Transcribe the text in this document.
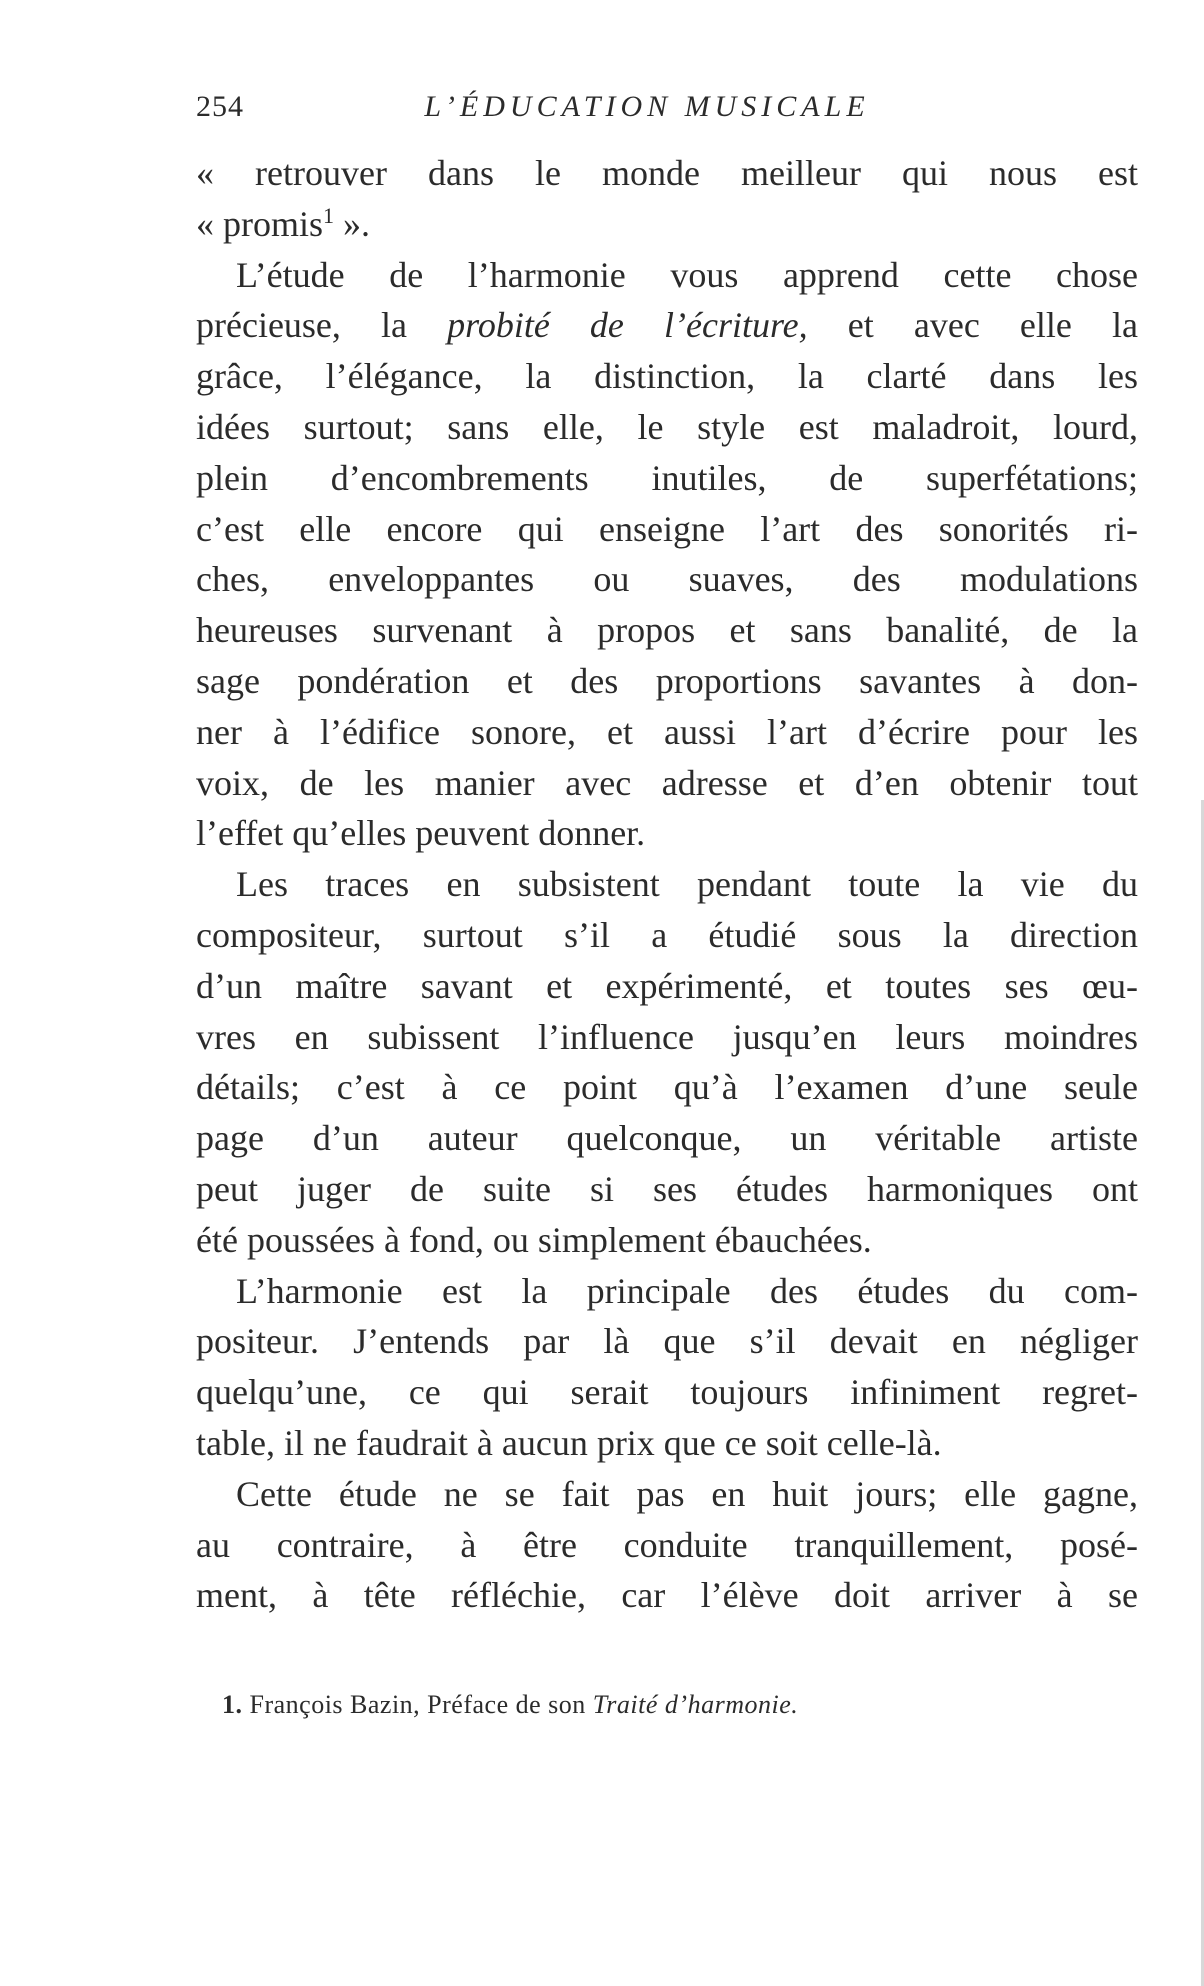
254	L’ÉDUCATION MUSICALE
« retrouver dans le monde meilleur qui nous est
« promis$^1$ ».
L’étude de l’harmonie vous apprend cette chose
précieuse, la probité de l’écriture, et avec elle la
grâce, l’élégance, la distinction, la clarté dans les
idées surtout; sans elle, le style est maladroit, lourd,
plein d’encombrements inutiles, de superfétations;
c’est elle encore qui enseigne l’art des sonorités ri-
ches, enveloppantes ou suaves, des modulations
heureuses survenant à propos et sans banalité, de la
sage pondération et des proportions savantes à don-
ner à l’édifice sonore, et aussi l’art d’écrire pour les
voix, de les manier avec adresse et d’en obtenir tout
l’effet qu’elles peuvent donner.
Les traces en subsistent pendant toute la vie du
compositeur, surtout s’il a étudié sous la direction
d’un maître savant et expérimenté, et toutes ses œu-
vres en subissent l’influence jusqu’en leurs moindres
détails; c’est à ce point qu’à l’examen d’une seule
page d’un auteur quelconque, un véritable artiste
peut juger de suite si ses études harmoniques ont
été poussées à fond, ou simplement ébauchées.
L’harmonie est la principale des études du com-
positeur. J’entends par là que s’il devait en négliger
quelqu’une, ce qui serait toujours infiniment regret-
table, il ne faudrait à aucun prix que ce soit celle-là.
Cette étude ne se fait pas en huit jours; elle gagne,
au contraire, à être conduite tranquillement, posé-
ment, à tête réfléchie, car l’élève doit arriver à se
1. François Bazin, Préface de son Traité d’harmonie.
